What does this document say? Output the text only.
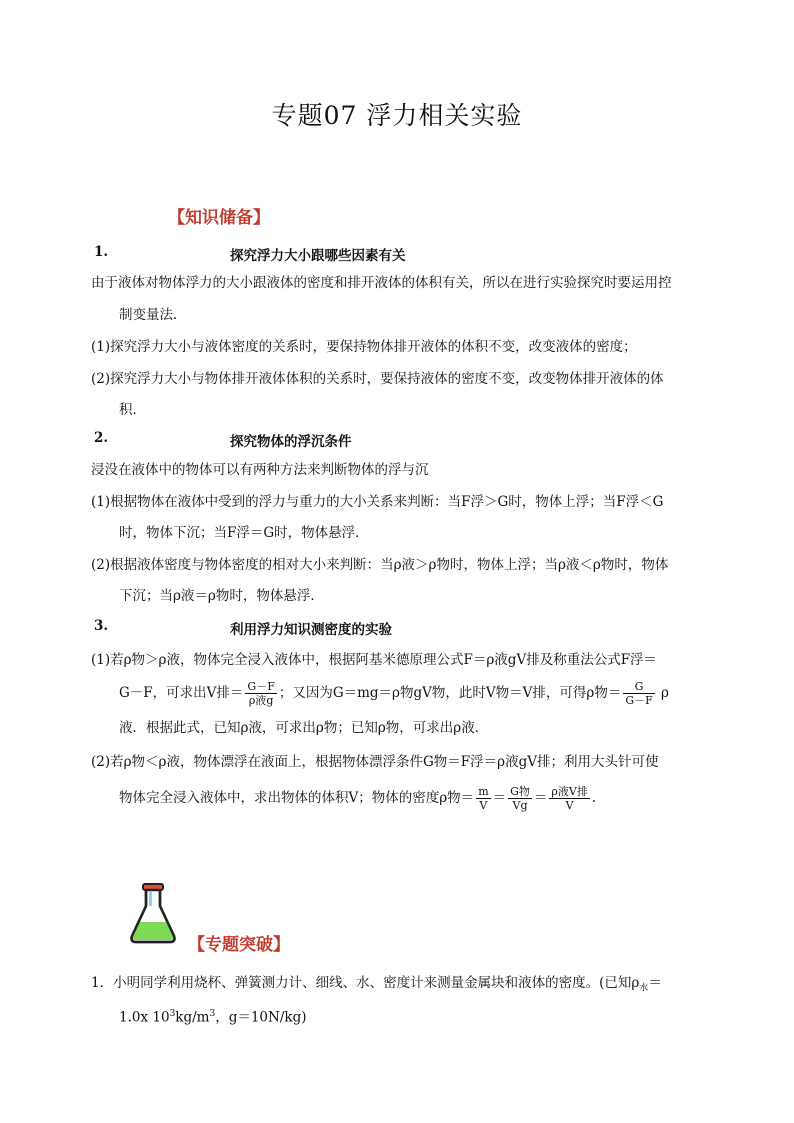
专题07 浮力相关实验
【知识储备】
1.	探究浮力大小跟哪些因素有关
由于液体对物体浮力的大小跟液体的密度和排开液体的体积有关，所以在进行实验探究时要运用控
制变量法．
(1)探究浮力大小与液体密度的关系时，要保持物体排开液体的体积不变，改变液体的密度；
(2)探究浮力大小与物体排开液体体积的关系时，要保持液体的密度不变，改变物体排开液体的体
积．
2.	探究物体的浮沉条件
浸没在液体中的物体可以有两种方法来判断物体的浮与沉
(1)根据物体在液体中受到的浮力与重力的大小关系来判断：当F浮＞G时，物体上浮；当F浮＜G
时，物体下沉；当F浮＝G时，物体悬浮．
(2)根据液体密度与物体密度的相对大小来判断：当ρ液＞ρ物时，物体上浮；当ρ液＜ρ物时，物体
下沉；当ρ液＝ρ物时，物体悬浮．
3.	利用浮力知识测密度的实验
(1)若ρ物＞ρ液，物体完全浸入液体中，根据阿基米德原理公式F＝ρ液gV排及称重法公式F浮＝
G－F，可求出V排＝ $\frac{G-F}{\text{ρ液g}}$ ；又因为G＝mg＝ρ物gV物，此时V物＝V排，可得ρ物＝ $\frac{G}{G-F}$ ρ
液．根据此式，已知ρ液，可求出ρ物；已知ρ物，可求出ρ液．
(2)若ρ物＜ρ液，物体漂浮在液面上，根据物体漂浮条件G物＝F浮＝ρ液gV排；利用大头针可使
物体完全浸入液体中，求出物体的体积V；物体的密度ρ物＝ $\frac{m}{V} = \frac{\text{G物}}{Vg} = \frac{\text{ρ液V排}}{V}$ .
【专题突破】
1．小明同学利用烧杯、弹簧测力计、细线、水、密度计来测量金属块和液体的密度。(已知$\rho_水=$
1.0x $10^3kg/m^3$，g＝10N/kg)
